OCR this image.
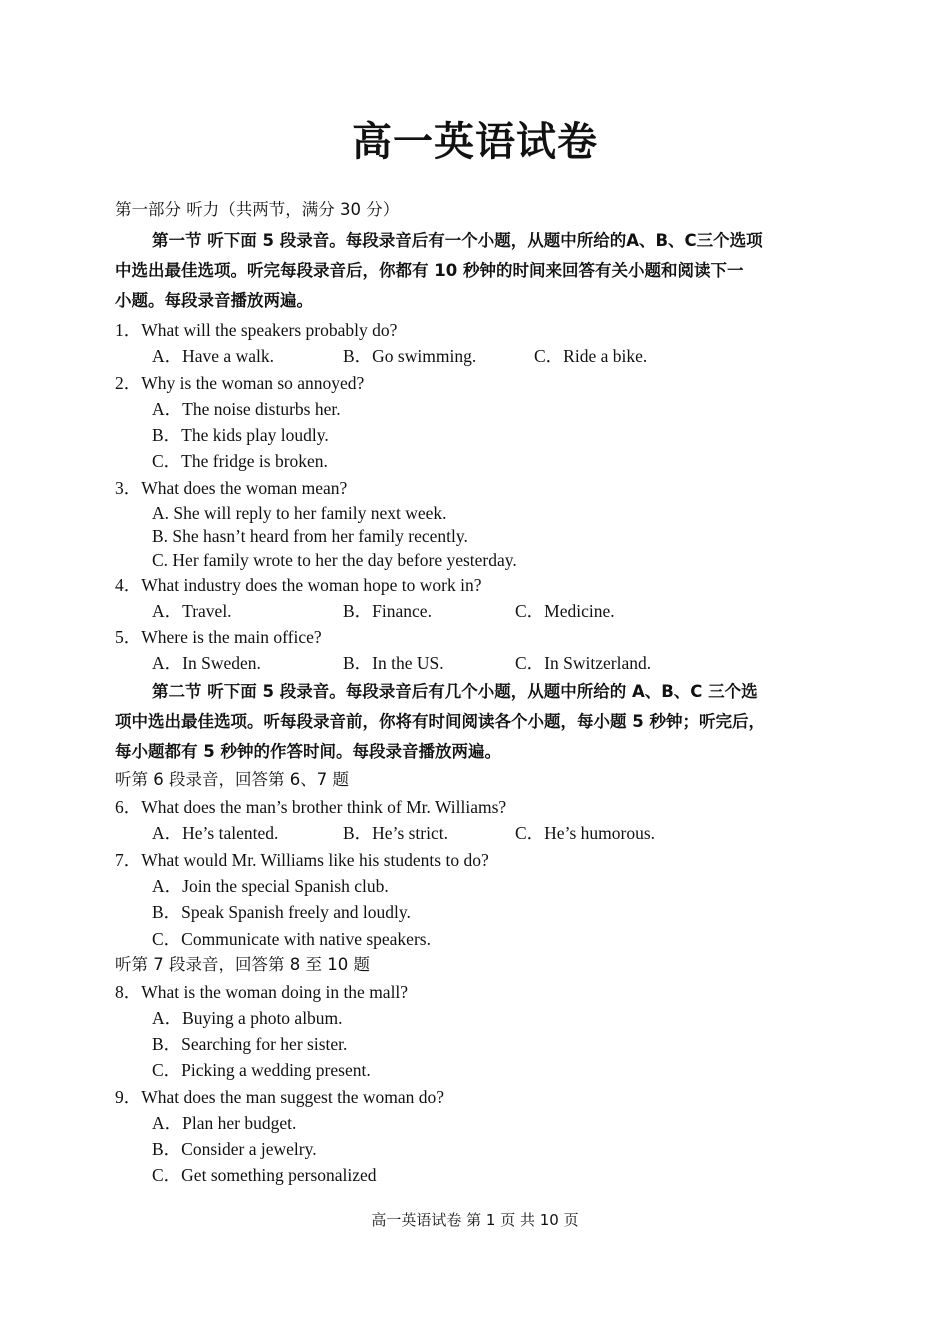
高一英语试卷
第一部分 听力（共两节，满分 30 分）
第一节 听下面 5 段录音。每段录音后有一个小题，从题中所给的A、B、C三个选项
中选出最佳选项。听完每段录音后，你都有 10 秒钟的时间来回答有关小题和阅读下一
小题。每段录音播放两遍。
1．What will the speakers probably do?
A．Have a walk.	B．Go swimming.	C．Ride a bike.
2．Why is the woman so annoyed?
A．The noise disturbs her.
B．The kids play loudly.
C．The fridge is broken.
3．What does the woman mean?
A. She will reply to her family next week.
B. She hasn’t heard from her family recently.
C. Her family wrote to her the day before yesterday.
4．What industry does the woman hope to work in?
A．Travel.	B．Finance.	C．Medicine.
5．Where is the main office?
A．In Sweden.	B．In the US.	C．In Switzerland.
第二节 听下面 5 段录音。每段录音后有几个小题，从题中所给的 A、B、C 三个选
项中选出最佳选项。听每段录音前，你将有时间阅读各个小题，每小题 5 秒钟；听完后，
每小题都有 5 秒钟的作答时间。每段录音播放两遍。
听第 6 段录音，回答第 6、7 题
6．What does the man’s brother think of Mr. Williams?
A．He’s talented.	B．He’s strict.	C．He’s humorous.
7．What would Mr. Williams like his students to do?
A．Join the special Spanish club.
B．Speak Spanish freely and loudly.
C．Communicate with native speakers.
听第 7 段录音，回答第 8 至 10 题
8．What is the woman doing in the mall?
A．Buying a photo album.
B．Searching for her sister.
C．Picking a wedding present.
9．What does the man suggest the woman do?
A．Plan her budget.
B．Consider a jewelry.
C．Get something personalized
高一英语试卷 第 1 页 共 10 页
